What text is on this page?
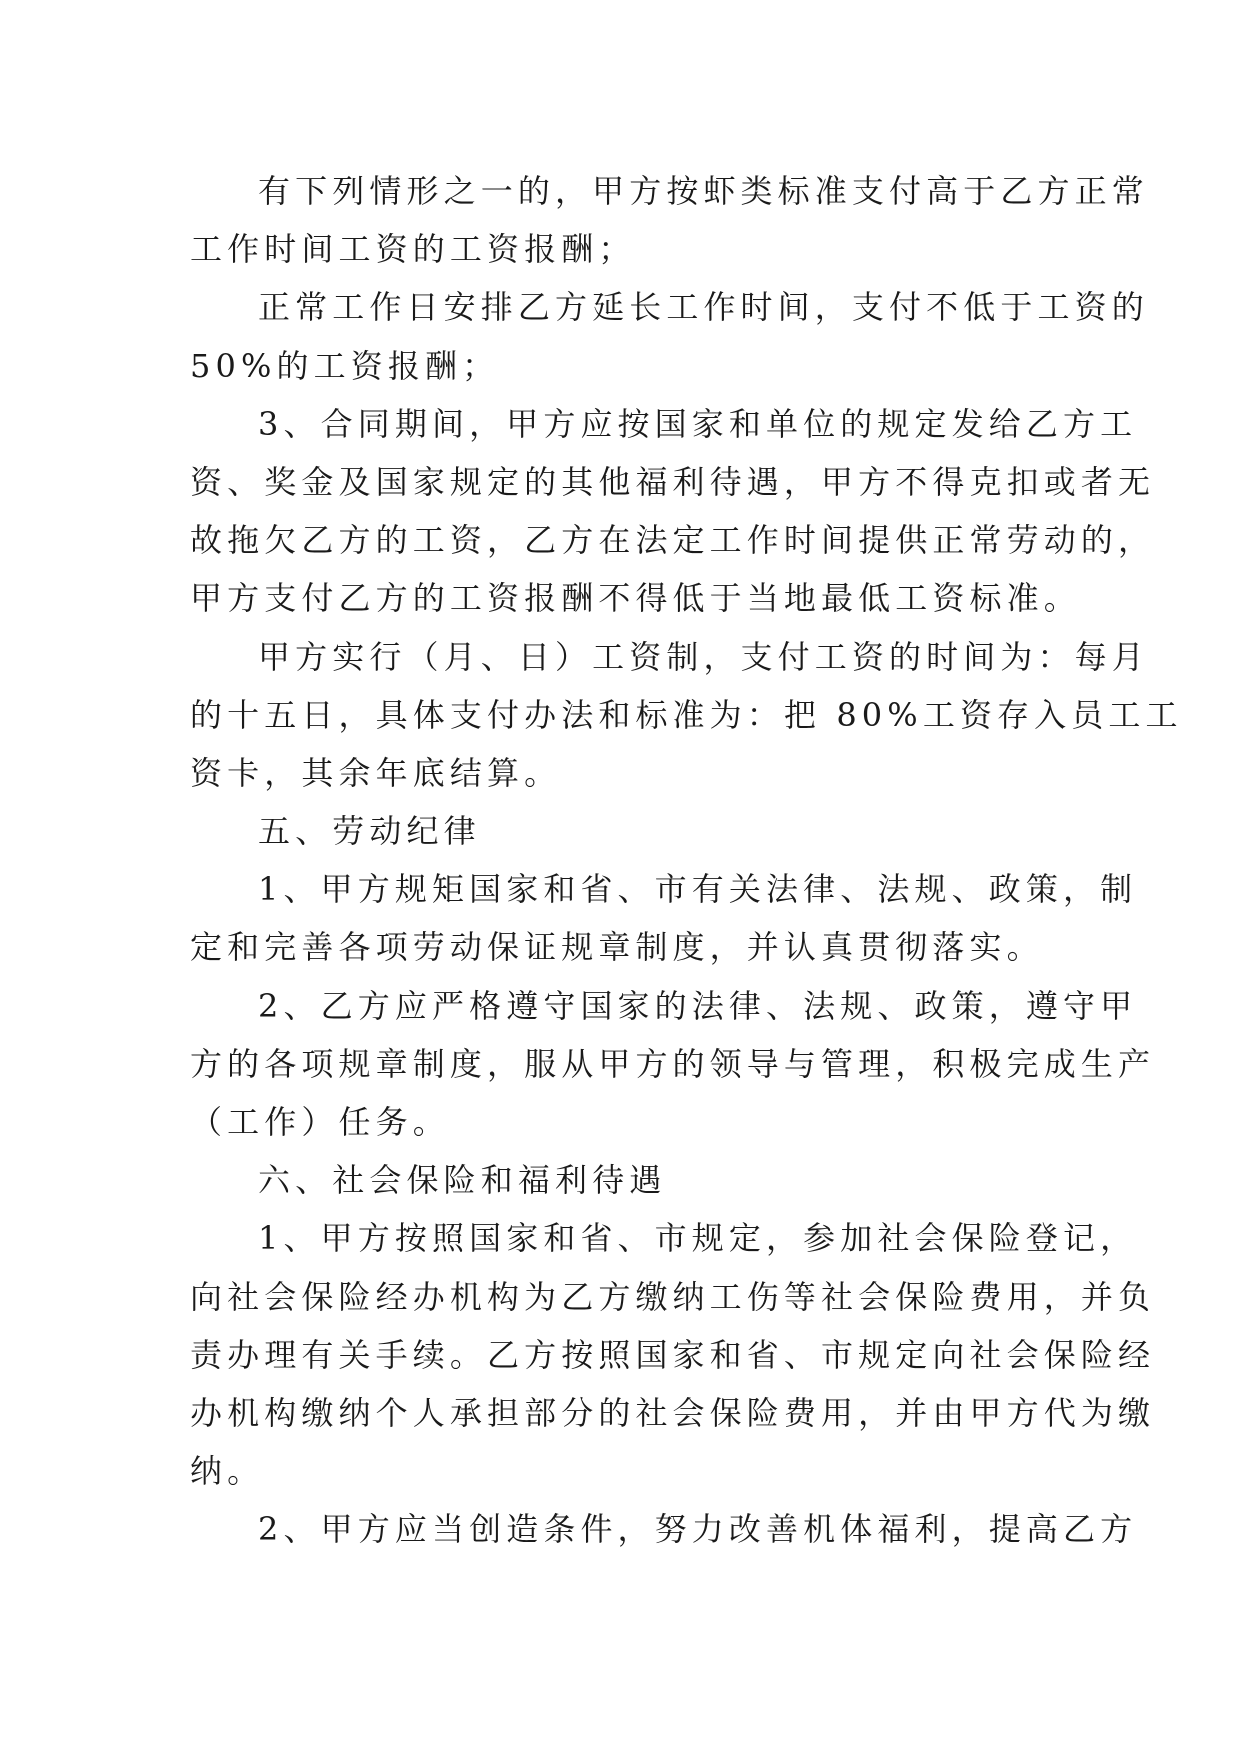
有下列情形之一的，甲方按虾类标准支付高于乙方正常
工作时间工资的工资报酬；
正常工作日安排乙方延长工作时间，支付不低于工资的
50%的工资报酬；
3、合同期间，甲方应按国家和单位的规定发给乙方工
资、奖金及国家规定的其他福利待遇，甲方不得克扣或者无
故拖欠乙方的工资，乙方在法定工作时间提供正常劳动的，
甲方支付乙方的工资报酬不得低于当地最低工资标准。
甲方实行（月、日）工资制，支付工资的时间为：每月
的十五日，具体支付办法和标准为：把 80%工资存入员工工
资卡，其余年底结算。
五、劳动纪律
1、甲方规矩国家和省、市有关法律、法规、政策，制
定和完善各项劳动保证规章制度，并认真贯彻落实。
2、乙方应严格遵守国家的法律、法规、政策，遵守甲
方的各项规章制度，服从甲方的领导与管理，积极完成生产
（工作）任务。
六、社会保险和福利待遇
1、甲方按照国家和省、市规定，参加社会保险登记，
向社会保险经办机构为乙方缴纳工伤等社会保险费用，并负
责办理有关手续。乙方按照国家和省、市规定向社会保险经
办机构缴纳个人承担部分的社会保险费用，并由甲方代为缴
纳。
2、甲方应当创造条件，努力改善机体福利，提高乙方
